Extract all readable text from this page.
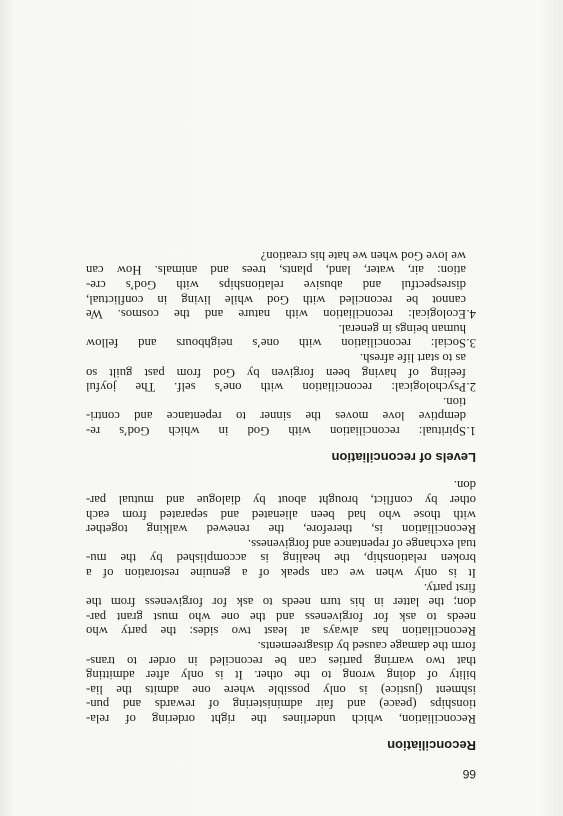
Reconciliation

Reconciliation, which underlines the right ordering of rela-
tionships (peace) and fair administering of rewards and pun-
ishment (justice) is only possible where one admits the lia-
bility of doing wrong to the other. It is only after admitting
that two warring parties can be reconciled in order to trans-
form the damage caused by disagreements.

Reconciliation has always at least two sides: the party who
needs to ask for forgiveness and the one who must grant par-
don; the latter in his turn needs to ask for forgiveness from the
first party.

It is only when we can speak of a genuine restoration of a
broken relationship, the healing is accomplished by the mu-
tual exchange of repentance and forgiveness.

Reconciliation is, therefore, the renewed walking together
with those who had been alienated and separated from each
other by conflict, brought about by dialogue and mutual par-
don.

Levels of reconciliation
1.
Spiritual: reconciliation with God in which God’s re-
demptive love moves the sinner to repentance and contri-
tion.
2.
Psychological: reconciliation with one’s self. The joyful
feeling of having been forgiven by God from past guilt so
as to start life afresh.
3.
Social: reconciliation with one’s neighbours and fellow
human beings in general.
4.
Ecological: reconciliation with nature and the cosmos. We
cannot be reconciled with God while living in conflictual,
disrespectful and abusive relationships with God’s cre-
ation: air, water, land, plants, trees and animals. How can
we love God when we hate his creation?
66
